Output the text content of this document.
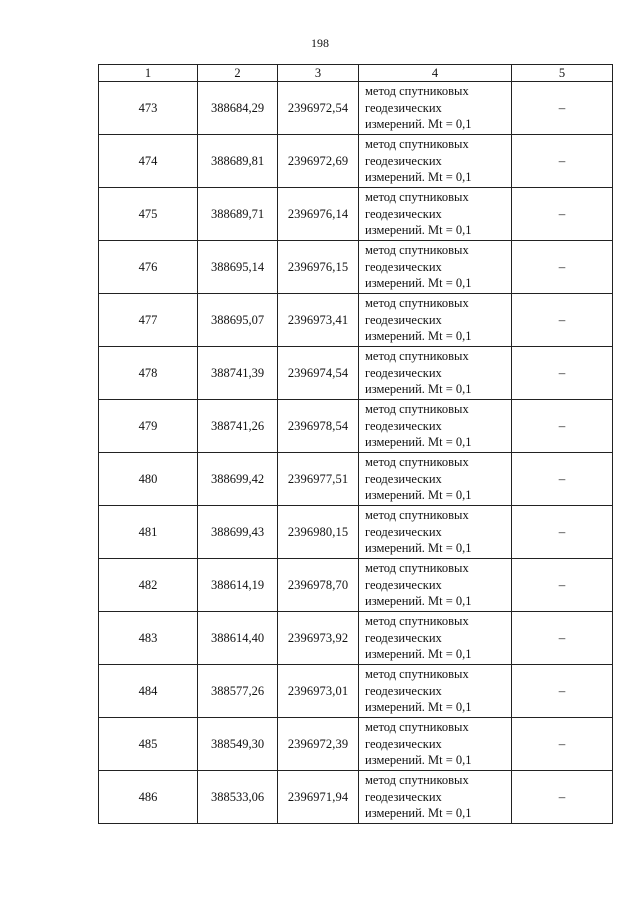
198
1	2	3	4	5
473	388684,29	2396972,54	метод спутниковых
геодезических
измерений. Mt = 0,1	–
474	388689,81	2396972,69	метод спутниковых
геодезических
измерений. Mt = 0,1	–
475	388689,71	2396976,14	метод спутниковых
геодезических
измерений. Mt = 0,1	–
476	388695,14	2396976,15	метод спутниковых
геодезических
измерений. Mt = 0,1	–
477	388695,07	2396973,41	метод спутниковых
геодезических
измерений. Mt = 0,1	–
478	388741,39	2396974,54	метод спутниковых
геодезических
измерений. Mt = 0,1	–
479	388741,26	2396978,54	метод спутниковых
геодезических
измерений. Mt = 0,1	–
480	388699,42	2396977,51	метод спутниковых
геодезических
измерений. Mt = 0,1	–
481	388699,43	2396980,15	метод спутниковых
геодезических
измерений. Mt = 0,1	–
482	388614,19	2396978,70	метод спутниковых
геодезических
измерений. Mt = 0,1	–
483	388614,40	2396973,92	метод спутниковых
геодезических
измерений. Mt = 0,1	–
484	388577,26	2396973,01	метод спутниковых
геодезических
измерений. Mt = 0,1	–
485	388549,30	2396972,39	метод спутниковых
геодезических
измерений. Mt = 0,1	–
486	388533,06	2396971,94	метод спутниковых
геодезических
измерений. Mt = 0,1	–
